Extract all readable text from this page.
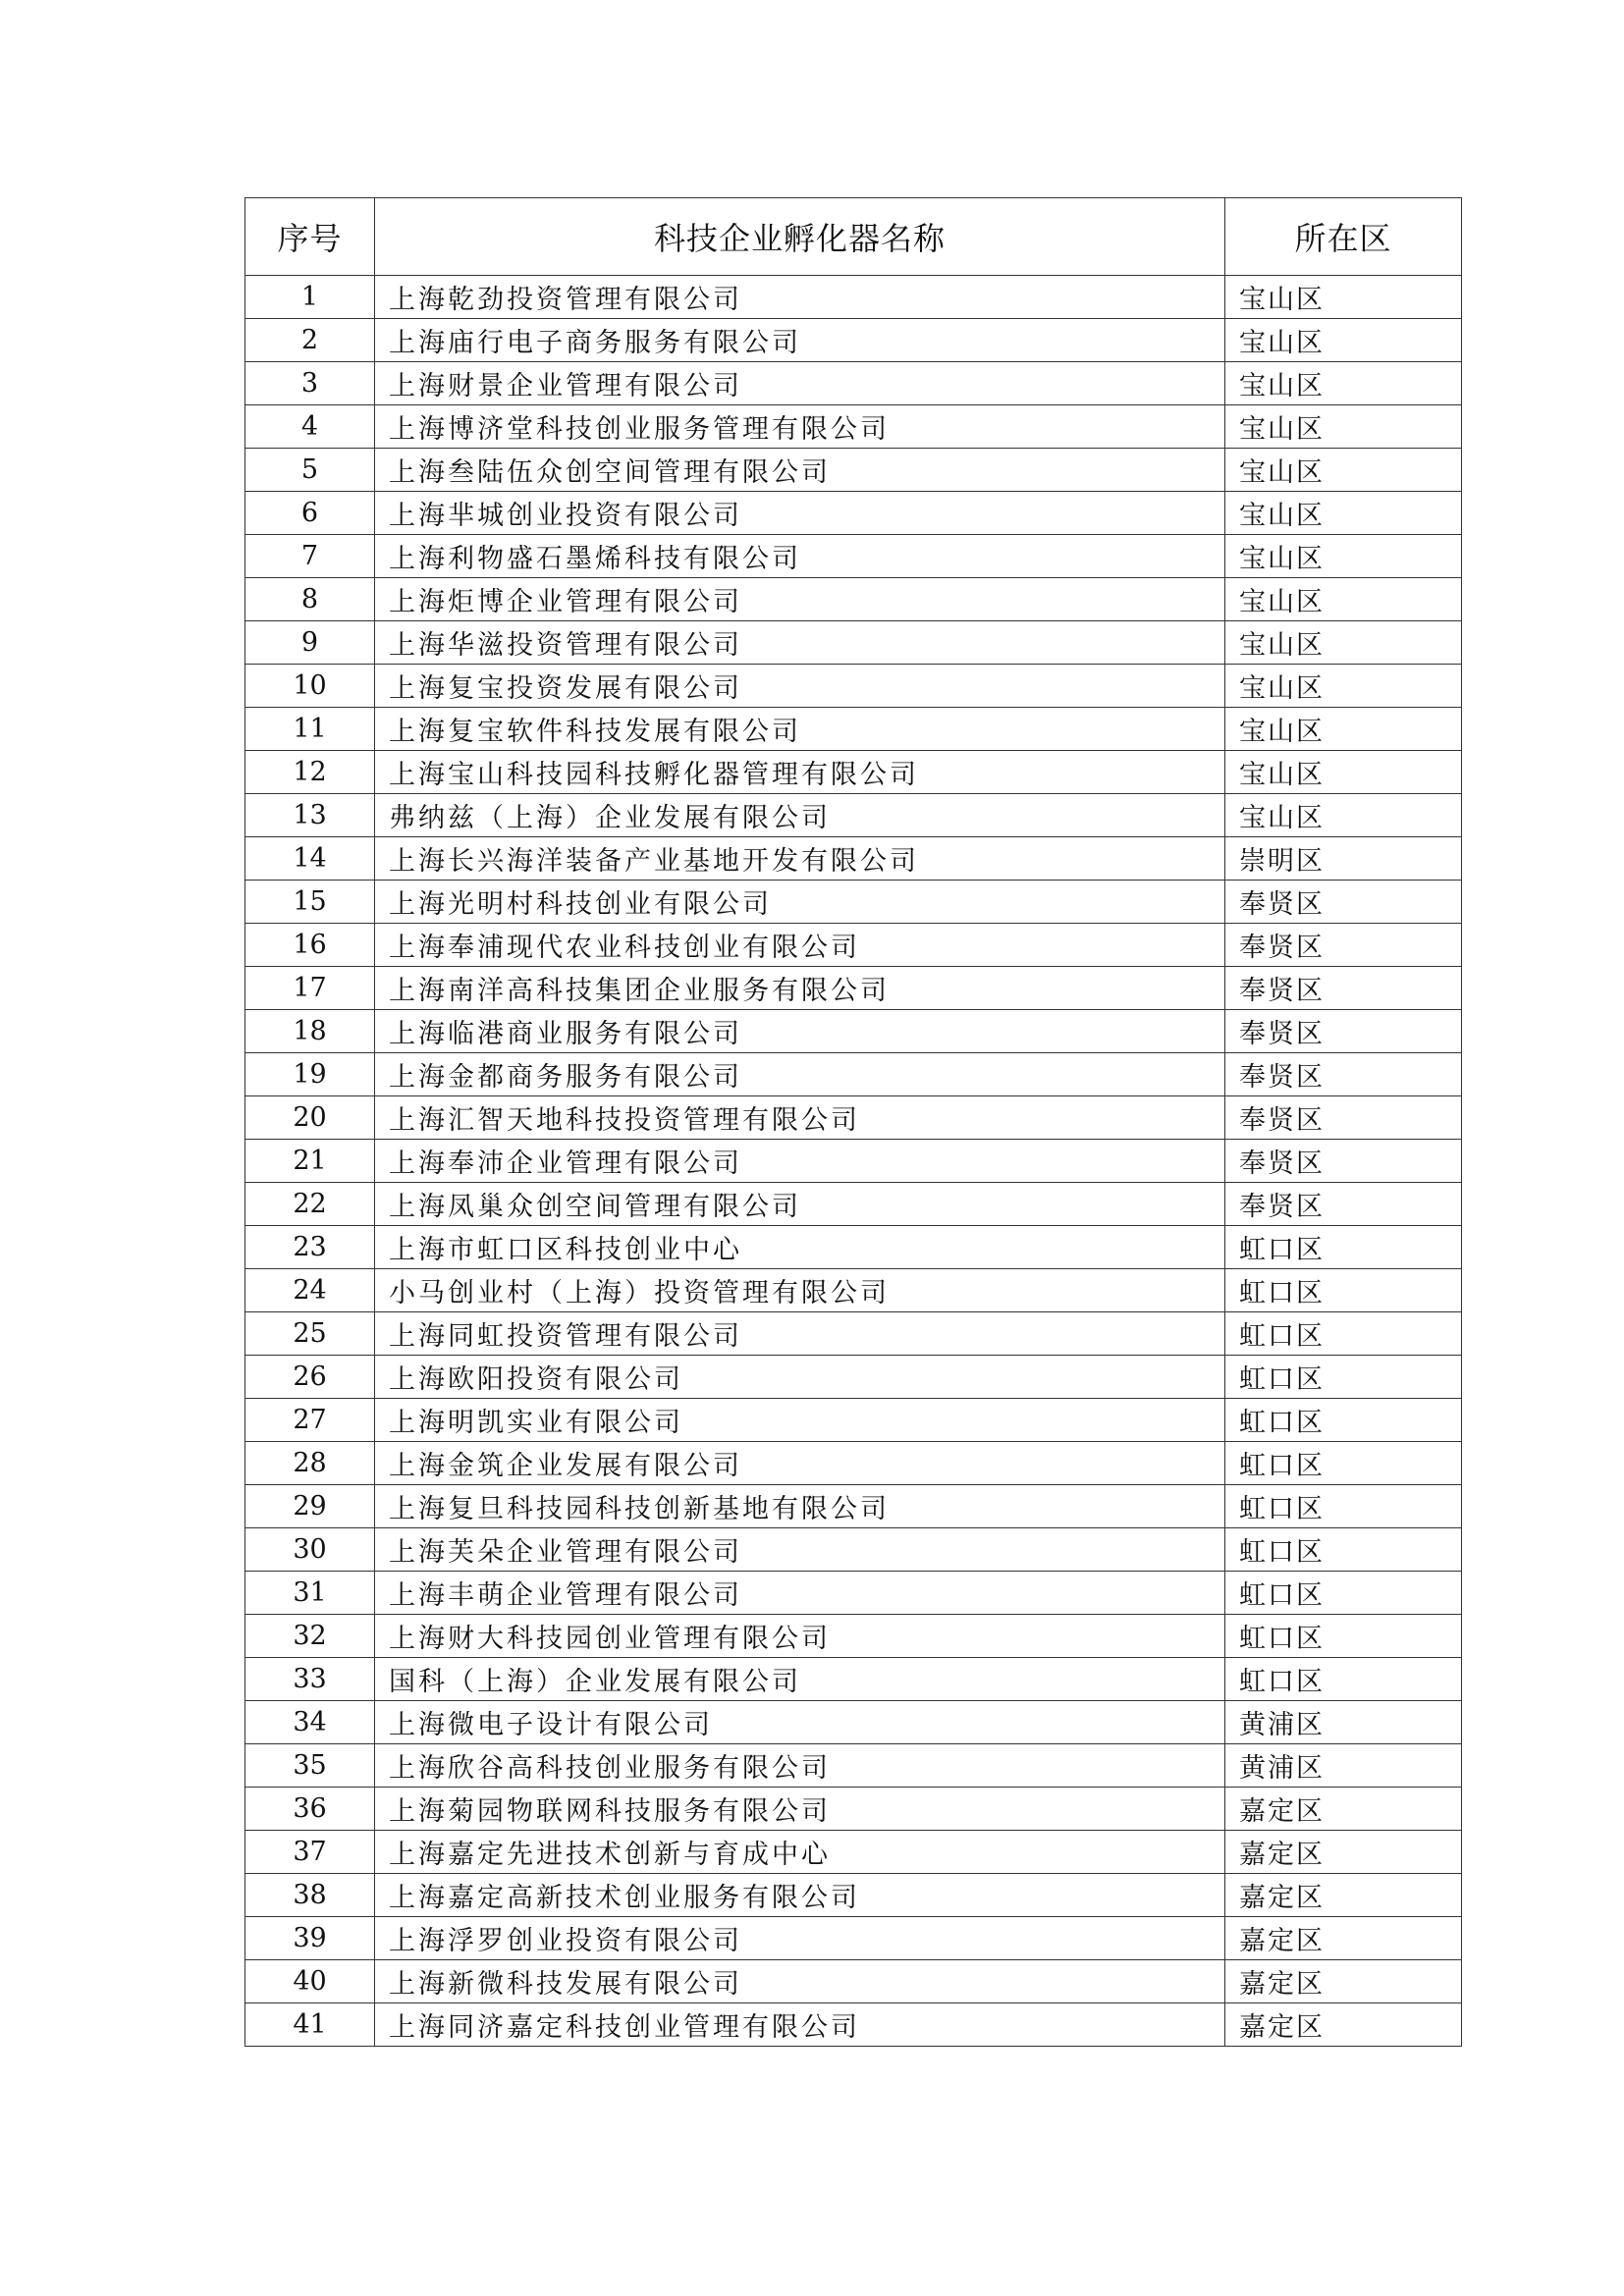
序号	科技企业孵化器名称	所在区
1	上海乾劲投资管理有限公司	宝山区
2	上海庙行电子商务服务有限公司	宝山区
3	上海财景企业管理有限公司	宝山区
4	上海博济堂科技创业服务管理有限公司	宝山区
5	上海叁陆伍众创空间管理有限公司	宝山区
6	上海芈城创业投资有限公司	宝山区
7	上海利物盛石墨烯科技有限公司	宝山区
8	上海炬博企业管理有限公司	宝山区
9	上海华滋投资管理有限公司	宝山区
10	上海复宝投资发展有限公司	宝山区
11	上海复宝软件科技发展有限公司	宝山区
12	上海宝山科技园科技孵化器管理有限公司	宝山区
13	弗纳兹（上海）企业发展有限公司	宝山区
14	上海长兴海洋装备产业基地开发有限公司	崇明区
15	上海光明村科技创业有限公司	奉贤区
16	上海奉浦现代农业科技创业有限公司	奉贤区
17	上海南洋高科技集团企业服务有限公司	奉贤区
18	上海临港商业服务有限公司	奉贤区
19	上海金都商务服务有限公司	奉贤区
20	上海汇智天地科技投资管理有限公司	奉贤区
21	上海奉沛企业管理有限公司	奉贤区
22	上海凤巢众创空间管理有限公司	奉贤区
23	上海市虹口区科技创业中心	虹口区
24	小马创业村（上海）投资管理有限公司	虹口区
25	上海同虹投资管理有限公司	虹口区
26	上海欧阳投资有限公司	虹口区
27	上海明凯实业有限公司	虹口区
28	上海金筑企业发展有限公司	虹口区
29	上海复旦科技园科技创新基地有限公司	虹口区
30	上海芙朵企业管理有限公司	虹口区
31	上海丰萌企业管理有限公司	虹口区
32	上海财大科技园创业管理有限公司	虹口区
33	国科（上海）企业发展有限公司	虹口区
34	上海微电子设计有限公司	黄浦区
35	上海欣谷高科技创业服务有限公司	黄浦区
36	上海菊园物联网科技服务有限公司	嘉定区
37	上海嘉定先进技术创新与育成中心	嘉定区
38	上海嘉定高新技术创业服务有限公司	嘉定区
39	上海浮罗创业投资有限公司	嘉定区
40	上海新微科技发展有限公司	嘉定区
41	上海同济嘉定科技创业管理有限公司	嘉定区
